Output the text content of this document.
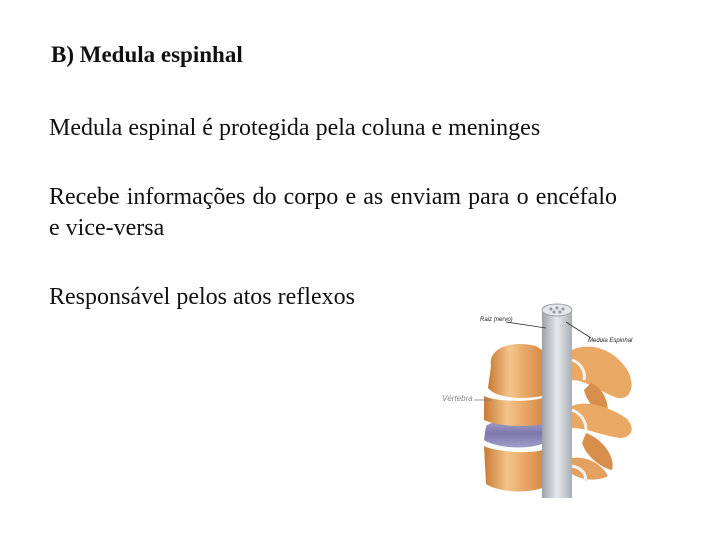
B) Medula espinhal
Medula espinal é protegida pela coluna e meninges
Recebe informações do corpo e as enviam para o encéfalo e vice-versa
Responsável pelos atos reflexos
Raiz (nervo)
Medula Espinhal
Vértebra
